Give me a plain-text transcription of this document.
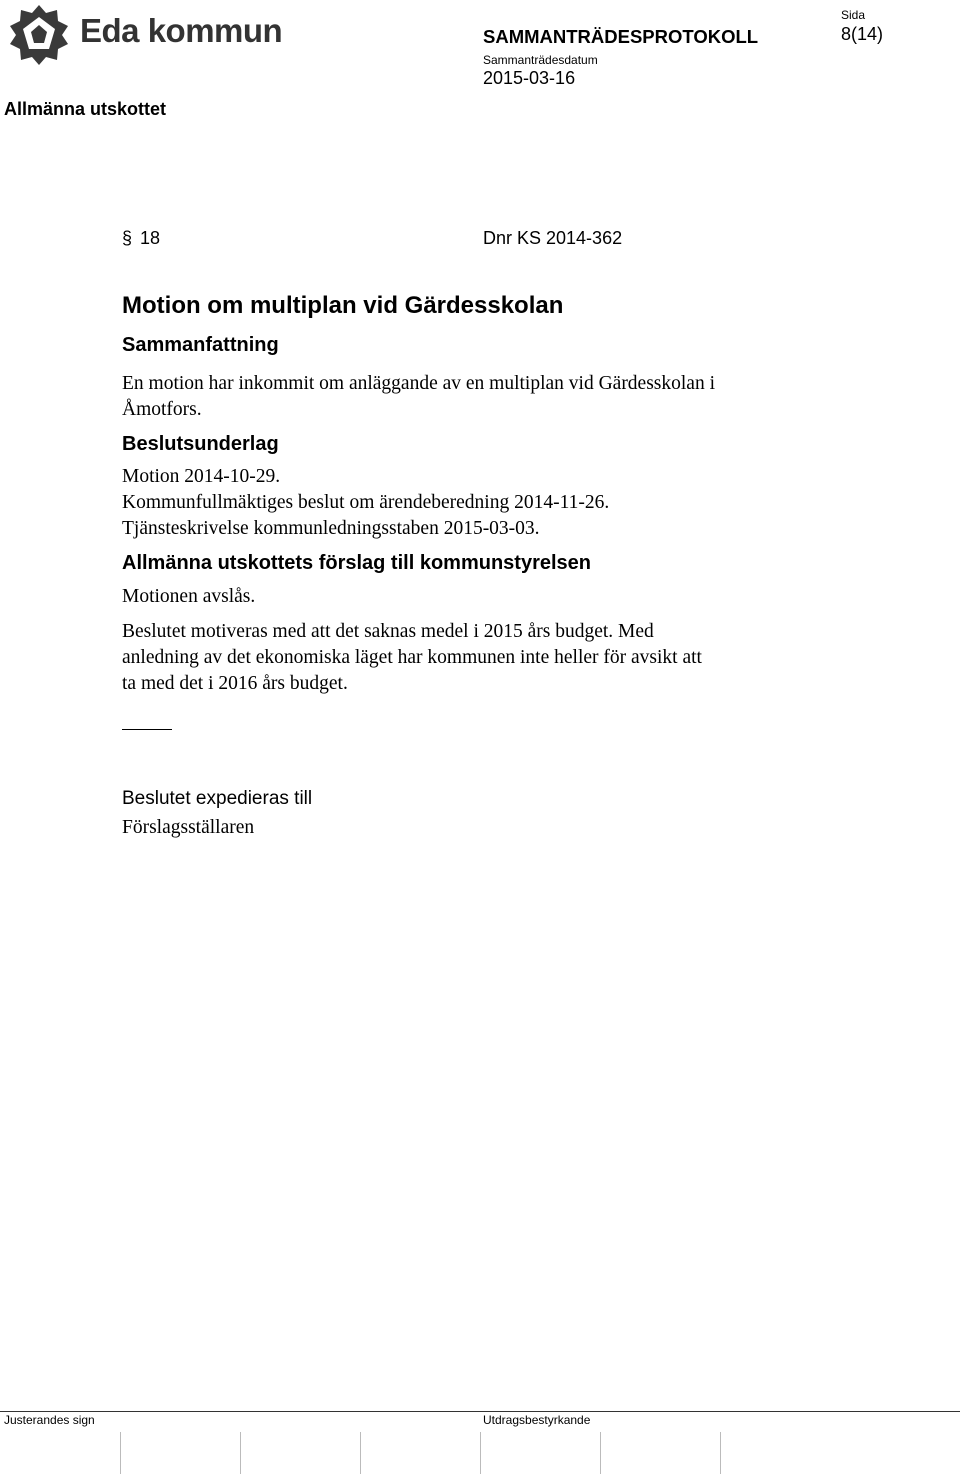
Eda kommun	SAMMANTRÄDESPROTOKOLL
Sammanträdesdatum
2015-03-16
Sida
8(14)
Allmänna utskottet
§ 18	Dnr KS 2014-362
Motion om multiplan vid Gärdesskolan
Sammanfattning
En motion har inkommit om anläggande av en multiplan vid Gärdesskolan i
Åmotfors.
Beslutsunderlag
Motion 2014-10-29.
Kommunfullmäktiges beslut om ärendeberedning 2014-11-26.
Tjänsteskrivelse kommunledningsstaben 2015-03-03.
Allmänna utskottets förslag till kommunstyrelsen
Motionen avslås.
Beslutet motiveras med att det saknas medel i 2015 års budget. Med
anledning av det ekonomiska läget har kommunen inte heller för avsikt att
ta med det i 2016 års budget.
Beslutet expedieras till
Förslagsställaren
Justerandes sign	Utdragsbestyrkande
